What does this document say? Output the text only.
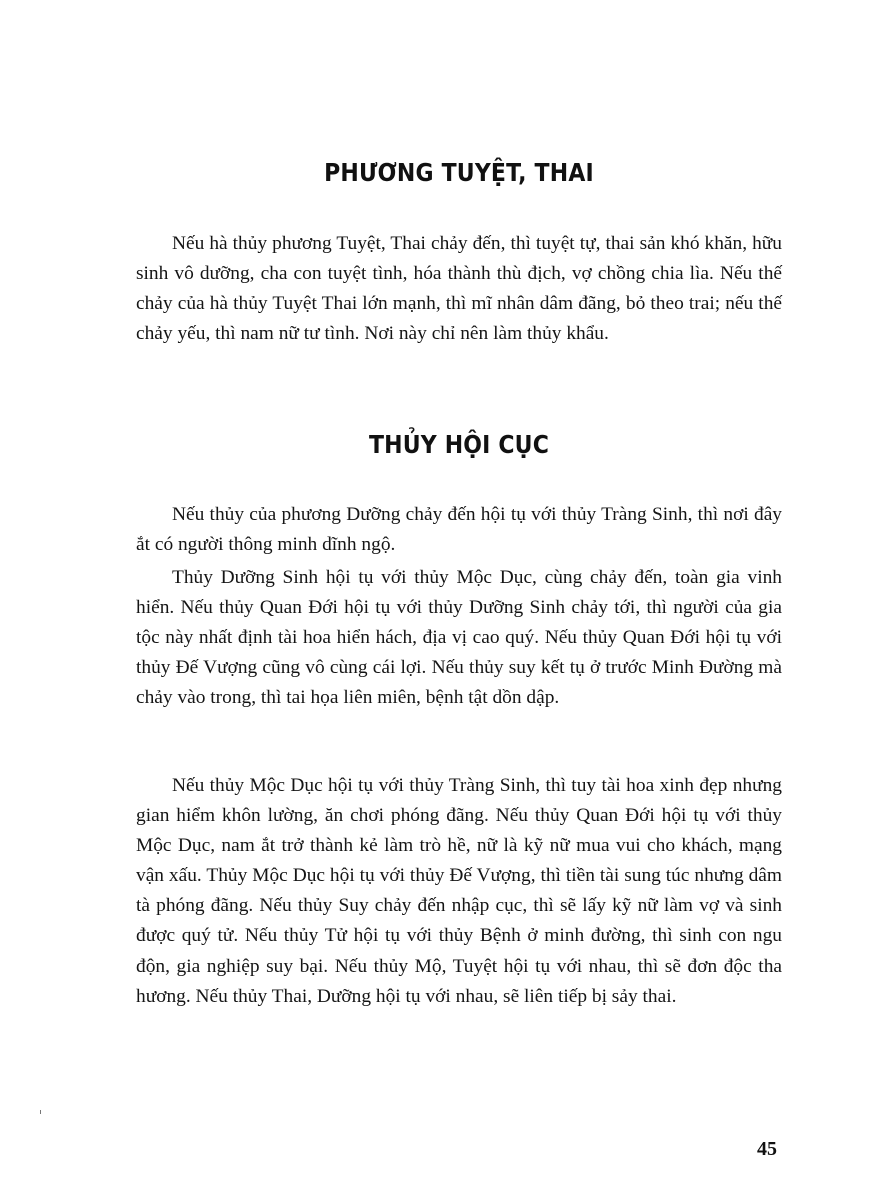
PHƯƠNG TUYỆT, THAI

Nếu hà thủy phương Tuyệt, Thai chảy đến, thì tuyệt tự, thai sản khó khăn, hữu sinh vô dưỡng, cha con tuyệt tình, hóa thành thù địch, vợ chồng chia lìa. Nếu thế chảy của hà thủy Tuyệt Thai lớn mạnh, thì mĩ nhân dâm đãng, bỏ theo trai; nếu thế chảy yếu, thì nam nữ tư tình. Nơi này chỉ nên làm thủy khẩu.

THỦY HỘI CỤC

Nếu thủy của phương Dưỡng chảy đến hội tụ với thủy Tràng Sinh, thì nơi đây ắt có người thông minh dĩnh ngộ.

Thủy Dưỡng Sinh hội tụ với thủy Mộc Dục, cùng chảy đến, toàn gia vinh hiển. Nếu thủy Quan Đới hội tụ với thủy Dưỡng Sinh chảy tới, thì người của gia tộc này nhất định tài hoa hiển hách, địa vị cao quý. Nếu thủy Quan Đới hội tụ với thủy Đế Vượng cũng vô cùng cái lợi. Nếu thủy suy kết tụ ở trước Minh Đường mà chảy vào trong, thì tai họa liên miên, bệnh tật dồn dập.

Nếu thủy Mộc Dục hội tụ với thủy Tràng Sinh, thì tuy tài hoa xinh đẹp nhưng gian hiểm khôn lường, ăn chơi phóng đãng. Nếu thủy Quan Đới hội tụ với thủy Mộc Dục, nam ắt trở thành kẻ làm trò hề, nữ là kỹ nữ mua vui cho khách, mạng vận xấu. Thủy Mộc Dục hội tụ với thủy Đế Vượng, thì tiền tài sung túc nhưng dâm tà phóng đãng. Nếu thủy Suy chảy đến nhập cục, thì sẽ lấy kỹ nữ làm vợ và sinh được quý tử. Nếu thủy Tử hội tụ với thủy Bệnh ở minh đường, thì sinh con ngu độn, gia nghiệp suy bại. Nếu thủy Mộ, Tuyệt hội tụ với nhau, thì sẽ đơn độc tha hương. Nếu thủy Thai, Dưỡng hội tụ với nhau, sẽ liên tiếp bị sảy thai.

45
